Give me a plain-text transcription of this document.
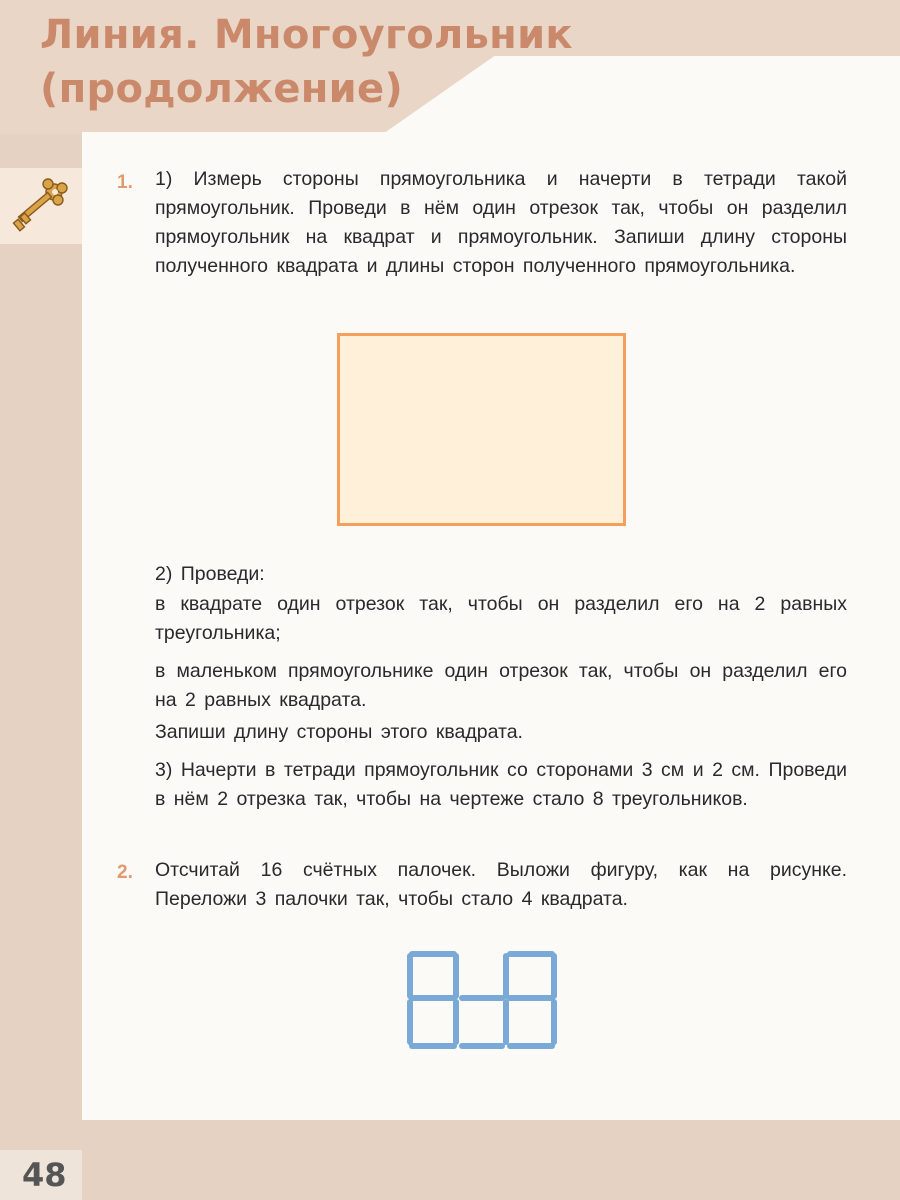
Линия. Многоугольник
(продолжение)
1. 1) Измерь стороны прямоугольника и начерти в тетради такой прямоугольник. Проведи в нём один отрезок так, чтобы он разделил прямоугольник на квадрат и прямоугольник. Запиши длину стороны полученного квадрата и длины сторон полученного прямоугольника.
2) Проведи:
в квадрате один отрезок так, чтобы он разделил его на 2 равных треугольника;
в маленьком прямоугольнике один отрезок так, чтобы он разделил его на 2 равных квадрата.
Запиши длину стороны этого квадрата.
3) Начерти в тетради прямоугольник со сторонами 3 см и 2 см. Проведи в нём 2 отрезка так, чтобы на чертеже стало 8 треугольников.
2. Отсчитай 16 счётных палочек. Выложи фигуру, как на рисунке. Переложи 3 палочки так, чтобы стало 4 квадрата.
48
